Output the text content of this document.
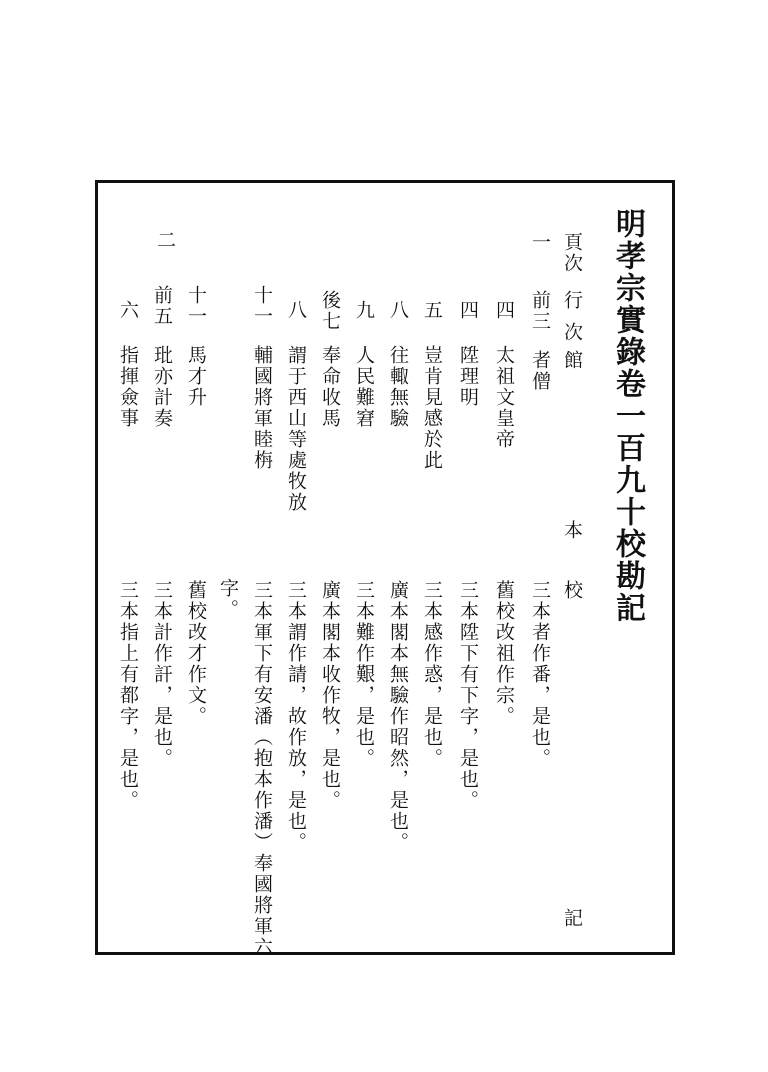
明孝宗實錄卷一百九十校勘記
頁次
行
次
館
本
校
記
一
二
前三
者僧
三本者作番，是也。
四
太祖文皇帝
舊校改祖作宗。
四
陞理明
三本陞下有下字，是也。
五
豈肯見感於此
三本感作惑，是也。
八
往輙無驗
廣本閣本無驗作昭然，是也。
九
人民難窘
三本難作艱，是也。
後七
奉命收馬
廣本閣本收作牧，是也。
八
謂于西山等處牧放
三本謂作請，故作放，是也。
十一
輔國將軍睦栴
三本軍下有安潘（抱本作潘）奉國將軍六
字。
十一
馬才升
舊校改才作文。
前五
玭亦計奏
三本計作訐，是也。
六
指揮僉事
三本指上有都字，是也。
